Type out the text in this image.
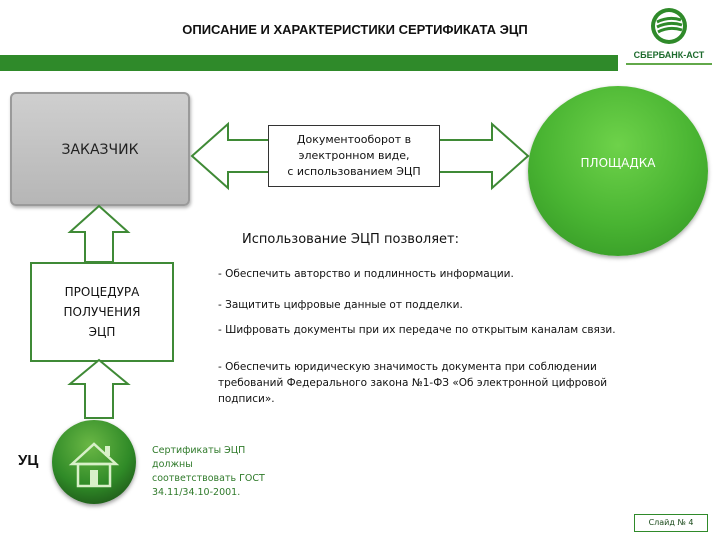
ОПИСАНИЕ И ХАРАКТЕРИСТИКИ СЕРТИФИКАТА ЭЦП
СБЕРБАНК-АСТ
ЗАКАЗЧИК
Документооборот в
электронном виде,
с использованием ЭЦП
ПЛОЩАДКА
Использование ЭЦП позволяет:
- Обеспечить авторство и подлинность информации.
- Защитить цифровые данные от подделки.
- Шифровать документы при их передаче по открытым каналам связи.
- Обеспечить юридическую значимость документа при соблюдении требований Федерального закона №1-ФЗ «Об электронной цифровой подписи».
ПРОЦЕДУРА
ПОЛУЧЕНИЯ
ЭЦП
УЦ
Сертификаты ЭЦП
должны
соответствовать ГОСТ
34.11/34.10-2001.
Слайд № 4
